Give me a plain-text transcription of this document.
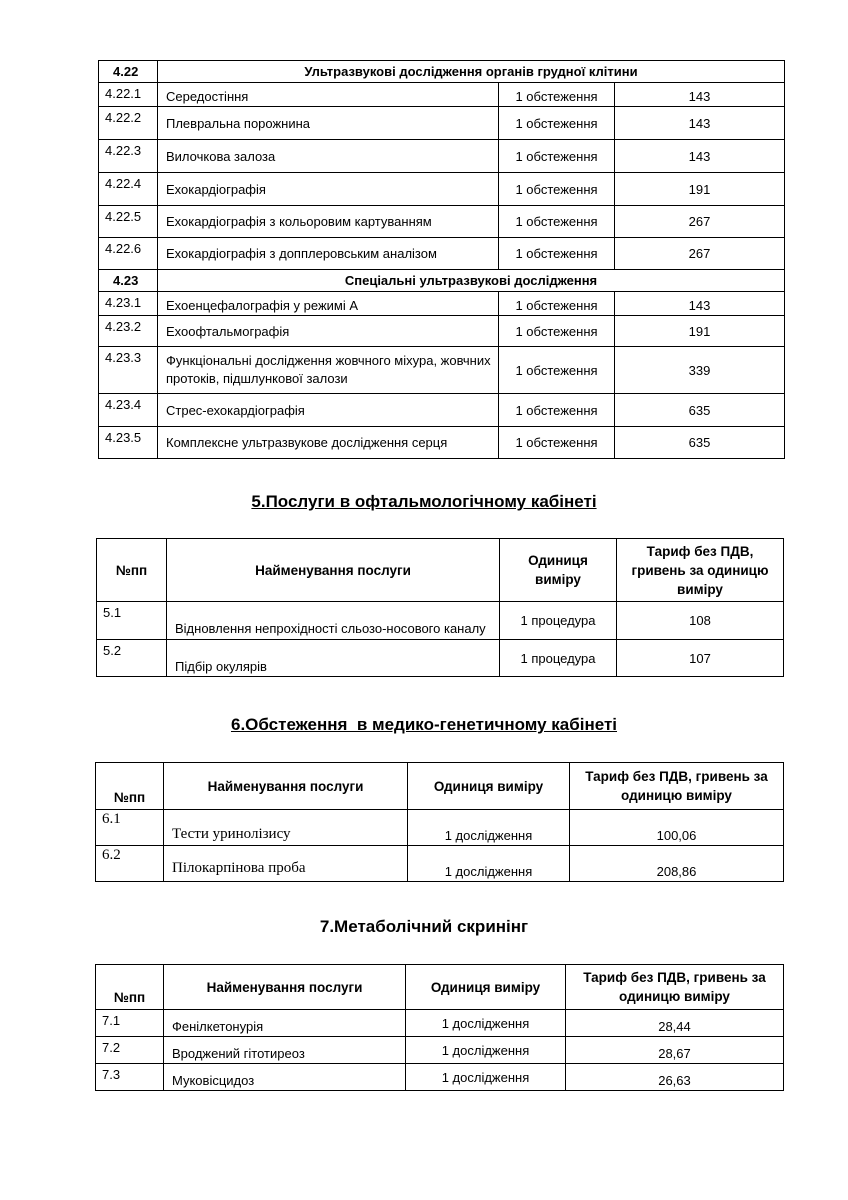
4.22	Ультразвукові дослідження органів грудної клітини		
4.22.1	Середостіння	1 обстеження	143
4.22.2	Плевральна порожнина	1 обстеження	143
4.22.3	Вилочкова залоза	1 обстеження	143
4.22.4	Ехокардіографія	1 обстеження	191
4.22.5	Ехокардіографія з кольоровим картуванням	1 обстеження	267
4.22.6	Ехокардіографія з допплеровським аналізом	1 обстеження	267
4.23	Спеціальні ультразвукові дослідження		
4.23.1	Ехоенцефалографія у режимі А	1 обстеження	143
4.23.2	Ехоофтальмографія	1 обстеження	191
4.23.3	Функціональні дослідження жовчного міхура, жовчних протоків, підшлункової залози	1 обстеження	339
4.23.4	Стрес-ехокардіографія	1 обстеження	635
4.23.5	Комплексне ультразвукове дослідження серця	1 обстеження	635
5.Послуги в офтальмологічному кабінеті
№пп	Найменування послуги	Одиниця виміру	Тариф без ПДВ, гривень за одиницю виміру
5.1	Відновлення непрохідності сльозо-носового каналу	1 процедура	108
5.2	Підбір окулярів	1 процедура	107
6.Обстеження  в медико-генетичному кабінеті
№пп	Найменування послуги	Одиниця виміру	Тариф без ПДВ, гривень за одиницю виміру
6.1	Тести уринолізису	1 дослідження	100,06
6.2	Пілокарпінова проба	1 дослідження	208,86
7.Метаболічний скринінг
№пп	Найменування послуги	Одиниця виміру	Тариф без ПДВ, гривень за одиницю виміру
7.1	Фенілкетонурія	1 дослідження	28,44
7.2	Вроджений гітотиреоз	1 дослідження	28,67
7.3	Муковісцидоз	1 дослідження	26,63
